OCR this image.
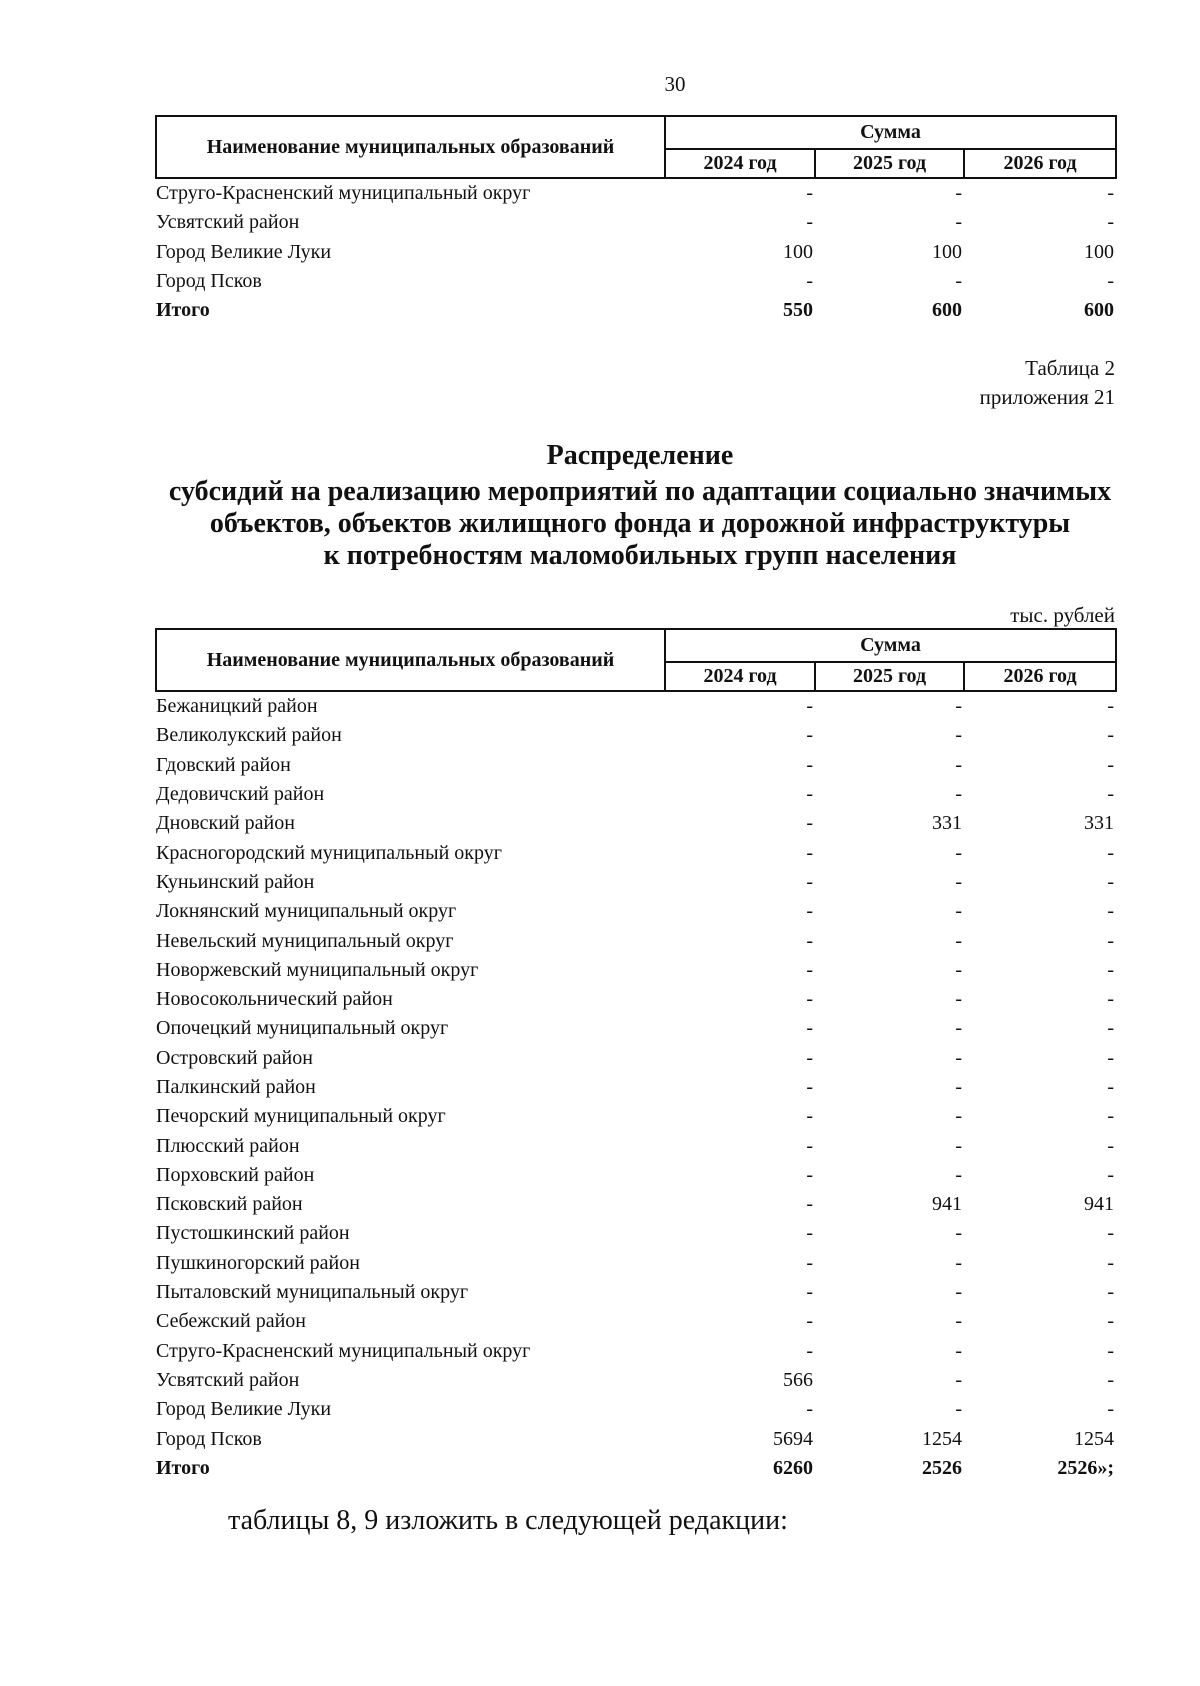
30
Наименование муниципальных образований	Сумма		
	2024 год	2025 год	2026 год
Струго-Красненский муниципальный округ	-	-	-
Усвятский район	-	-	-
Город Великие Луки	100	100	100
Город Псков	-	-	-
Итого	550	600	600
Таблица 2
приложения 21
Распределение
субсидий на реализацию мероприятий по адаптации социально значимых
объектов, объектов жилищного фонда и дорожной инфраструктуры
к потребностям маломобильных групп населения
тыс. рублей
Наименование муниципальных образований	Сумма		
	2024 год	2025 год	2026 год
Бежаницкий район	-	-	-
Великолукский район	-	-	-
Гдовский район	-	-	-
Дедовичский район	-	-	-
Дновский район	-	331	331
Красногородский муниципальный округ	-	-	-
Куньинский район	-	-	-
Локнянский муниципальный округ	-	-	-
Невельский муниципальный округ	-	-	-
Новоржевский муниципальный округ	-	-	-
Новосокольнический район	-	-	-
Опочецкий муниципальный округ	-	-	-
Островский район	-	-	-
Палкинский район	-	-	-
Печорский муниципальный округ	-	-	-
Плюсский район	-	-	-
Порховский район	-	-	-
Псковский район	-	941	941
Пустошкинский район	-	-	-
Пушкиногорский район	-	-	-
Пыталовский муниципальный округ	-	-	-
Себежский район	-	-	-
Струго-Красненский муниципальный округ	-	-	-
Усвятский район	566	-	-
Город Великие Луки	-	-	-
Город Псков	5694	1254	1254
Итого	6260	2526	2526»;
таблицы 8, 9 изложить в следующей редакции:
